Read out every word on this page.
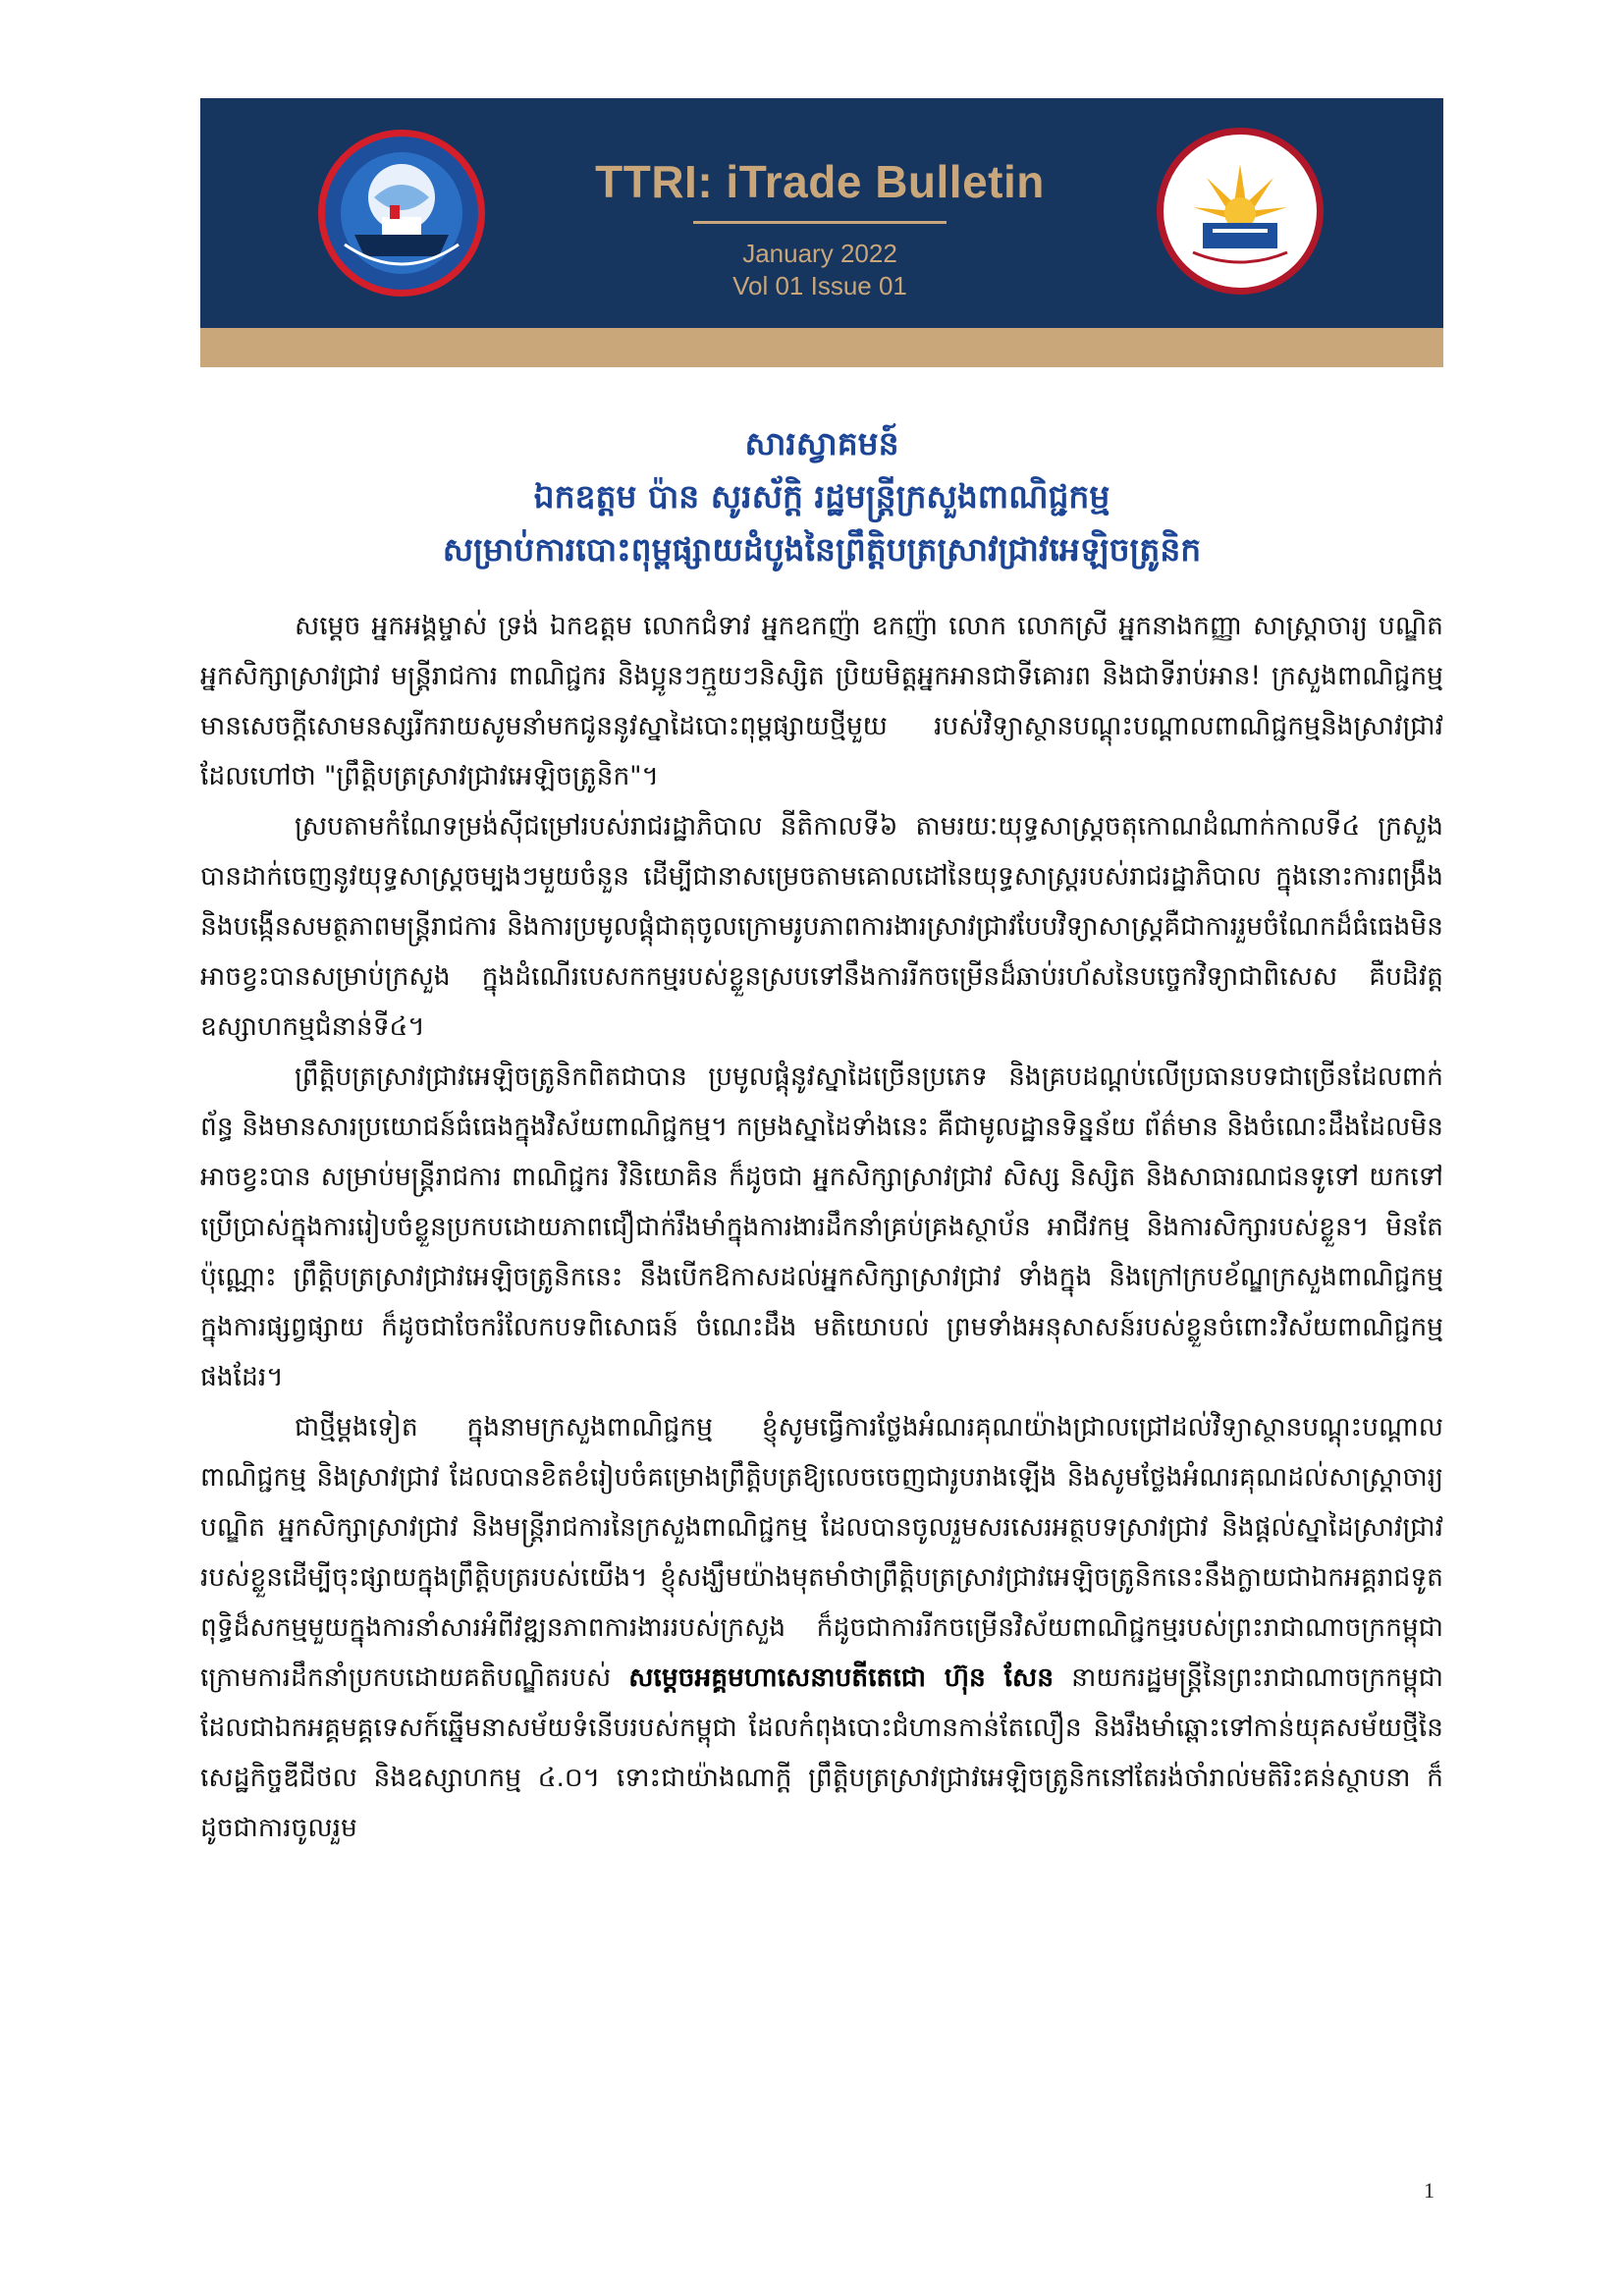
TTRI: iTrade Bulletin
January 2022
Vol 01 Issue 01
សារស្វាគមន៍
ឯកឧត្តម ប៉ាន សូរស័ក្តិ រដ្ឋមន្ត្រីក្រសួងពាណិជ្ជកម្ម
សម្រាប់ការបោះពុម្ពផ្សាយដំបូងនៃព្រឹត្តិបត្រស្រាវជ្រាវអេឡិចត្រូនិក

សម្តេច អ្នកអង្គម្ចាស់ ទ្រង់ ឯកឧត្តម លោកជំទាវ អ្នកឧកញ៉ា ឧកញ៉ា លោក លោកស្រី អ្នកនាងកញ្ញា សាស្ត្រាចារ្យ បណ្ឌិត អ្នកសិក្សាស្រាវជ្រាវ មន្ត្រីរាជការ ពាណិជ្ជករ និងប្អូនៗក្មួយៗនិស្សិត ប្រិយមិត្តអ្នកអានជាទីគោរព និងជាទីរាប់អាន! ក្រសួងពាណិជ្ជកម្ម មានសេចក្តីសោមនស្សរីករាយសូមនាំមកជូននូវស្នាដៃបោះពុម្ពផ្សាយថ្មីមួយ របស់វិទ្យាស្ថានបណ្តុះបណ្តាលពាណិជ្ជកម្មនិងស្រាវជ្រាវដែលហៅថា "ព្រឹត្តិបត្រស្រាវជ្រាវអេឡិចត្រូនិក"។

ស្របតាមកំណែទម្រង់ស៊ីជម្រៅរបស់រាជរដ្ឋាភិបាល នីតិកាលទី៦ តាមរយៈយុទ្ធសាស្ត្រចតុកោណដំណាក់កាលទី៤ ក្រសួងបានដាក់ចេញនូវយុទ្ធសាស្ត្រចម្បងៗមួយចំនួន ដើម្បីជានាសម្រេចតាមគោលដៅនៃយុទ្ធសាស្ត្ររបស់រាជរដ្ឋាភិបាល ក្នុងនោះការពង្រឹង និងបង្កើនសមត្ថភាពមន្ត្រីរាជការ និងការប្រមូលផ្តុំជាតុចូលក្រោមរូបភាពការងារស្រាវជ្រាវបែបវិទ្យាសាស្ត្រគឺជាការរួមចំណែកដ៏ធំធេងមិនអាចខ្វះបានសម្រាប់ក្រសួង ក្នុងដំណើរបេសកកម្មរបស់ខ្លួនស្របទៅនឹងការរីកចម្រើនដ៏ឆាប់រហ័សនៃបច្ចេកវិទ្យាជាពិសេស គឺបដិវត្តឧស្សាហកម្មជំនាន់ទី៤។

ព្រឹត្តិបត្រស្រាវជ្រាវអេឡិចត្រូនិកពិតជាបាន ប្រមូលផ្តុំនូវស្នាដៃច្រើនប្រភេទ និងគ្របដណ្តប់លើប្រធានបទជាច្រើនដែលពាក់ព័ន្ធ និងមានសារប្រយោជន៍ធំធេងក្នុងវិស័យពាណិជ្ជកម្ម។ កម្រងស្នាដៃទាំងនេះ គឺជាមូលដ្ឋានទិន្នន័យ ព័ត៌មាន និងចំណេះដឹងដែលមិនអាចខ្វះបាន សម្រាប់មន្ត្រីរាជការ ពាណិជ្ជករ វិនិយោគិន ក៏ដូចជា អ្នកសិក្សាស្រាវជ្រាវ សិស្ស និស្សិត និងសាធារណជនទូទៅ យកទៅប្រើប្រាស់ក្នុងការរៀបចំខ្លួនប្រកបដោយភាពជឿជាក់រឹងមាំក្នុងការងារដឹកនាំគ្រប់គ្រងស្ថាប័ន អាជីវកម្ម និងការសិក្សារបស់ខ្លួន។ មិនតែប៉ុណ្ណោះ ព្រឹត្តិបត្រស្រាវជ្រាវអេឡិចត្រូនិកនេះ នឹងបើកឱកាសដល់អ្នកសិក្សាស្រាវជ្រាវ ទាំងក្នុង និងក្រៅក្របខ័ណ្ឌក្រសួងពាណិជ្ជកម្ម ក្នុងការផ្សព្វផ្សាយ ក៏ដូចជាចែករំលែកបទពិសោធន៍ ចំណេះដឹង មតិយោបល់ ព្រមទាំងអនុសាសន៍របស់ខ្លួនចំពោះវិស័យពាណិជ្ជកម្មផងដែរ។

ជាថ្មីម្តងទៀត ក្នុងនាមក្រសួងពាណិជ្ជកម្ម ខ្ញុំសូមធ្វើការថ្លែងអំណរគុណយ៉ាងជ្រាលជ្រៅដល់វិទ្យាស្ថានបណ្តុះបណ្តាលពាណិជ្ជកម្ម និងស្រាវជ្រាវ ដែលបានខិតខំរៀបចំគម្រោងព្រឹត្តិបត្រឱ្យលេចចេញជារូបរាងឡើង និងសូមថ្លែងអំណរគុណដល់សាស្ត្រាចារ្យ បណ្ឌិត អ្នកសិក្សាស្រាវជ្រាវ និងមន្ត្រីរាជការនៃក្រសួងពាណិជ្ជកម្ម ដែលបានចូលរួមសរសេរអត្ថបទស្រាវជ្រាវ និងផ្តល់ស្នាដៃស្រាវជ្រាវរបស់ខ្លួនដើម្បីចុះផ្សាយក្នុងព្រឹត្តិបត្ររបស់យើង។ ខ្ញុំសង្ឃឹមយ៉ាងមុតមាំថាព្រឹត្តិបត្រស្រាវជ្រាវអេឡិចត្រូនិកនេះនឹងក្លាយជាឯកអគ្គរាជទូតពុទ្ធិដ៏សកម្មមួយក្នុងការនាំសារអំពីវឌ្ឍនភាពការងាររបស់ក្រសួង ក៏ដូចជាការរីកចម្រើនវិស័យពាណិជ្ជកម្មរបស់ព្រះរាជាណាចក្រកម្ពុជា ក្រោមការដឹកនាំប្រកបដោយគតិបណ្ឌិតរបស់ សម្តេចអគ្គមហាសេនាបតីតេជោ ហ៊ុន សែន នាយករដ្ឋមន្ត្រីនៃព្រះរាជាណាចក្រកម្ពុជា ដែលជាឯកអគ្គមគ្គទេសក៍ឆ្នើមនាសម័យទំនើបរបស់កម្ពុជា ដែលកំពុងបោះជំហានកាន់តែលឿន និងរឹងមាំឆ្ពោះទៅកាន់យុគសម័យថ្មីនៃសេដ្ឋកិច្ចឌីជីថល និងឧស្សាហកម្ម ៤.០។ ទោះជាយ៉ាងណាក្តី ព្រឹត្តិបត្រស្រាវជ្រាវអេឡិចត្រូនិកនៅតែរង់ចាំរាល់មតិរិះគន់ស្ថាបនា ក៏ដូចជាការចូលរួម

1
